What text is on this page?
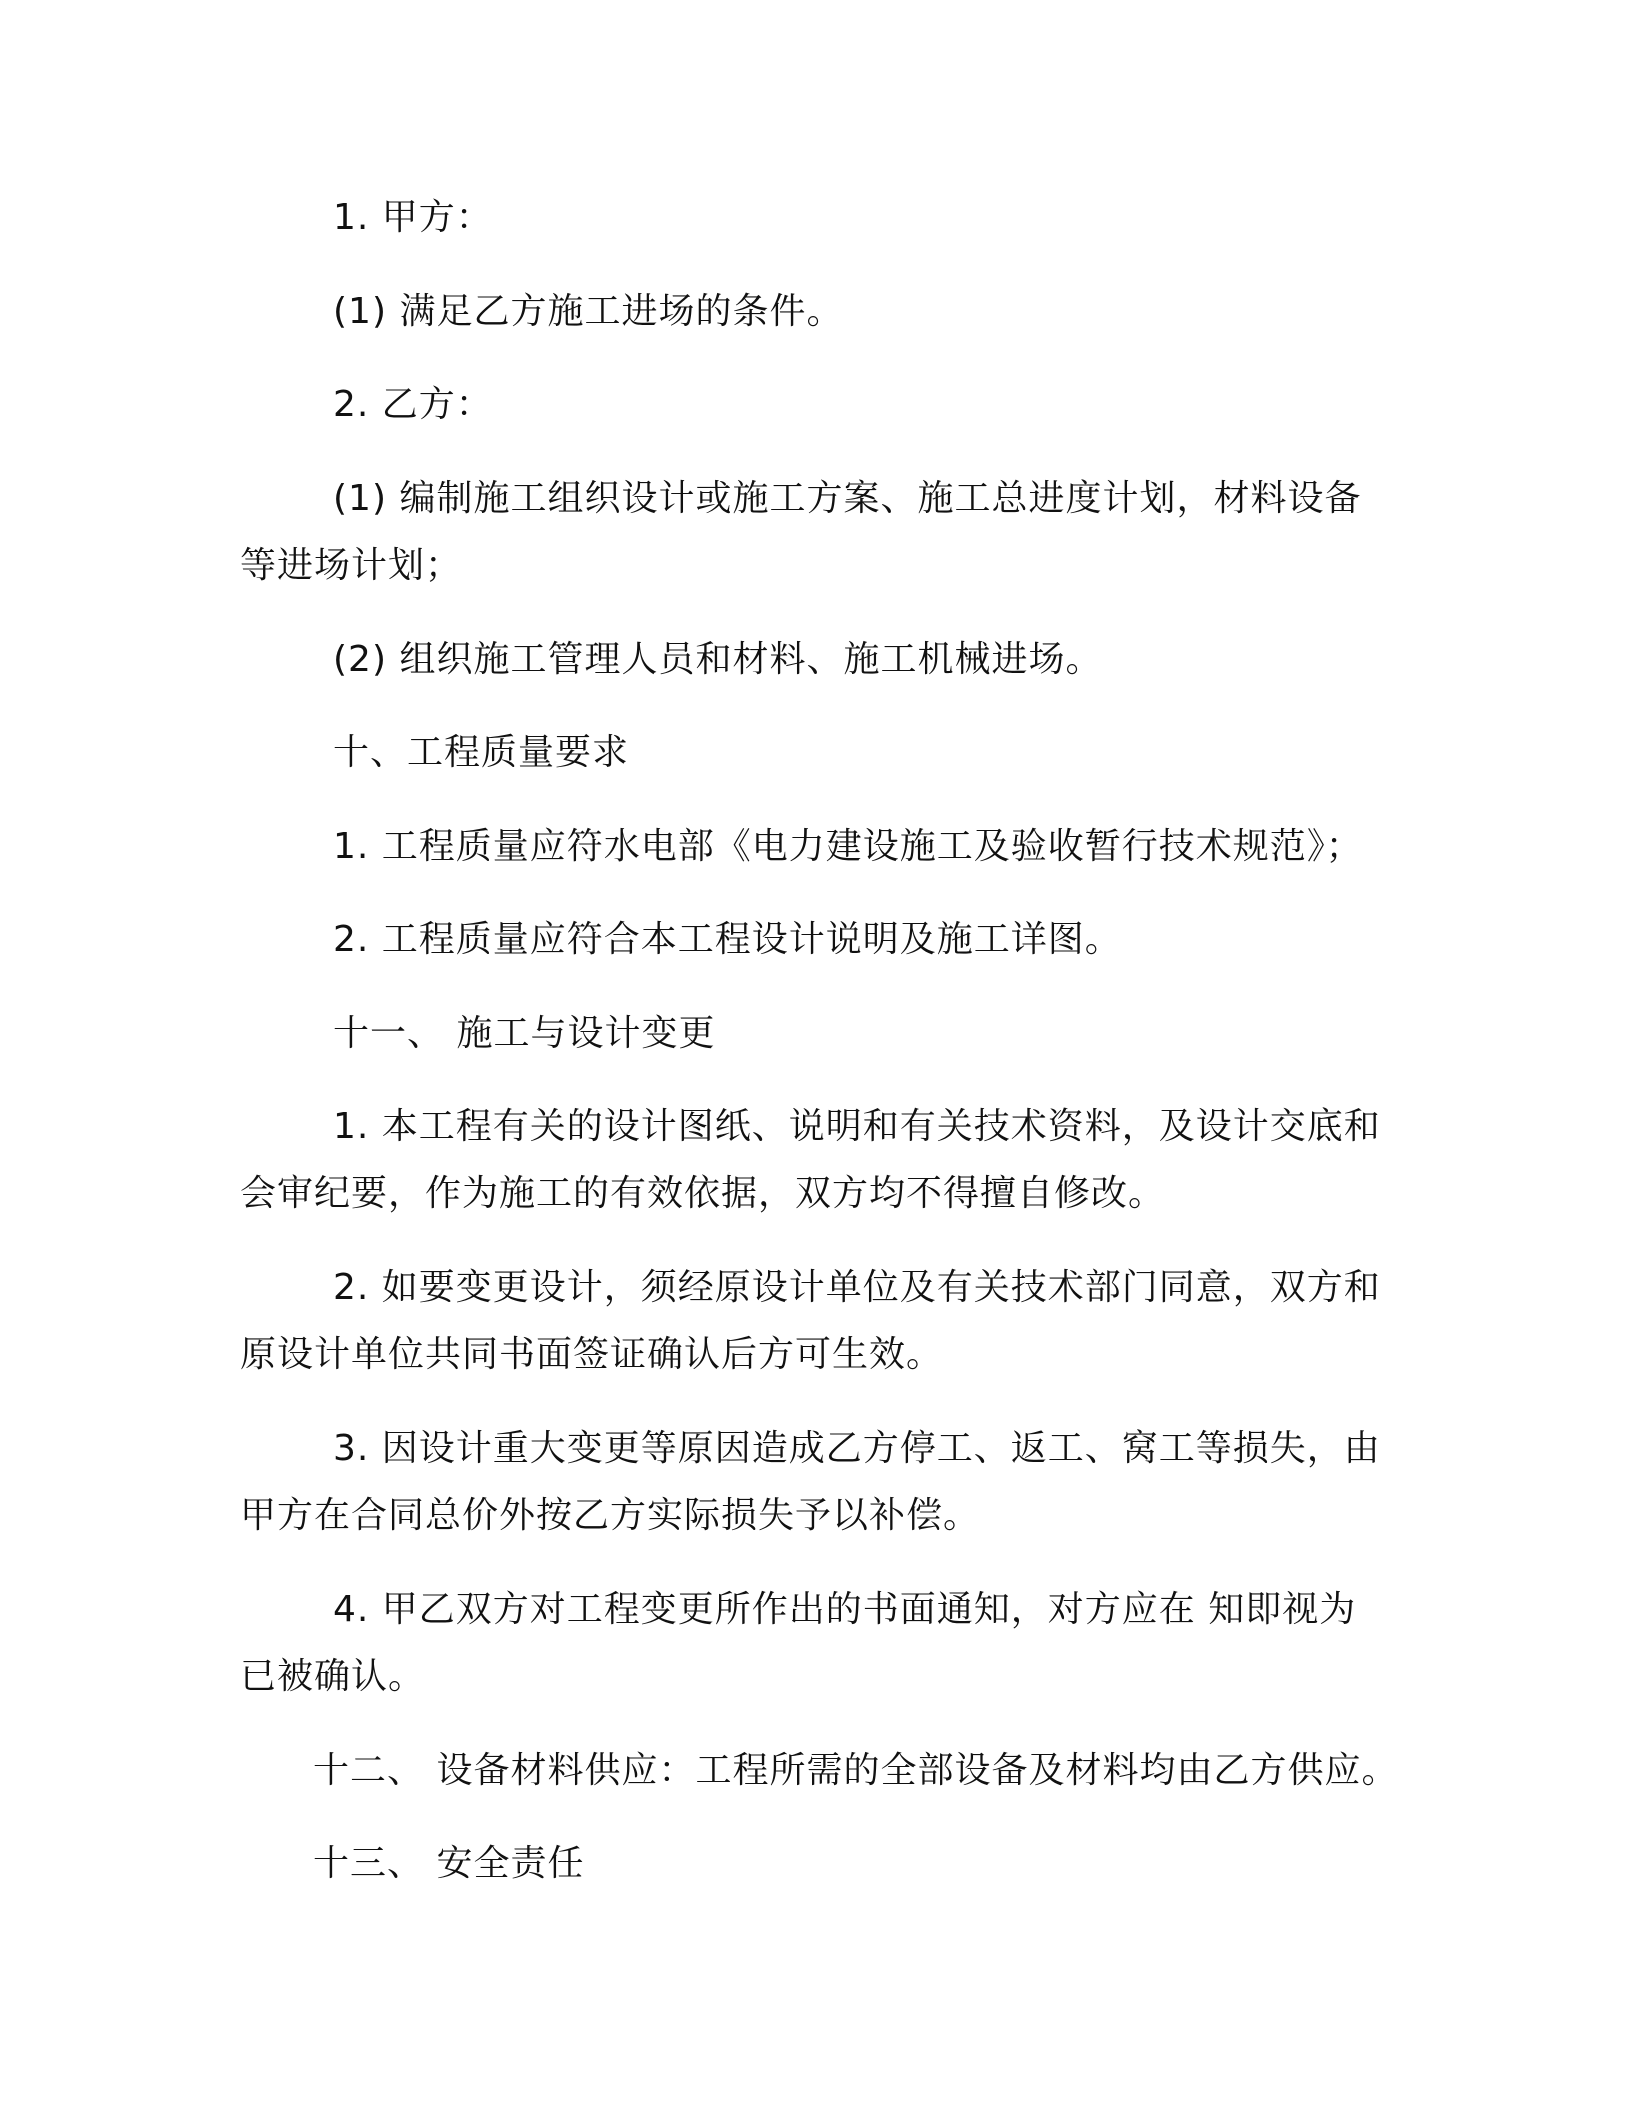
1. 甲方：
(1) 满足乙方施工进场的条件。
2. 乙方：
(1) 编制施工组织设计或施工方案、施工总进度计划，材料设备
等进场计划；
(2) 组织施工管理人员和材料、施工机械进场。
十、工程质量要求
1. 工程质量应符水电部《电力建设施工及验收暂行技术规范》；
2. 工程质量应符合本工程设计说明及施工详图。
十一、 施工与设计变更
1. 本工程有关的设计图纸、说明和有关技术资料，及设计交底和
会审纪要，作为施工的有效依据，双方均不得擅自修改。
2. 如要变更设计，须经原设计单位及有关技术部门同意，双方和
原设计单位共同书面签证确认后方可生效。
3. 因设计重大变更等原因造成乙方停工、返工、窝工等损失，由
甲方在合同总价外按乙方实际损失予以补偿。
4. 甲乙双方对工程变更所作出的书面通知，对方应在 知即视为
已被确认。
十二、 设备材料供应：工程所需的全部设备及材料均由乙方供应。
十三、 安全责任
